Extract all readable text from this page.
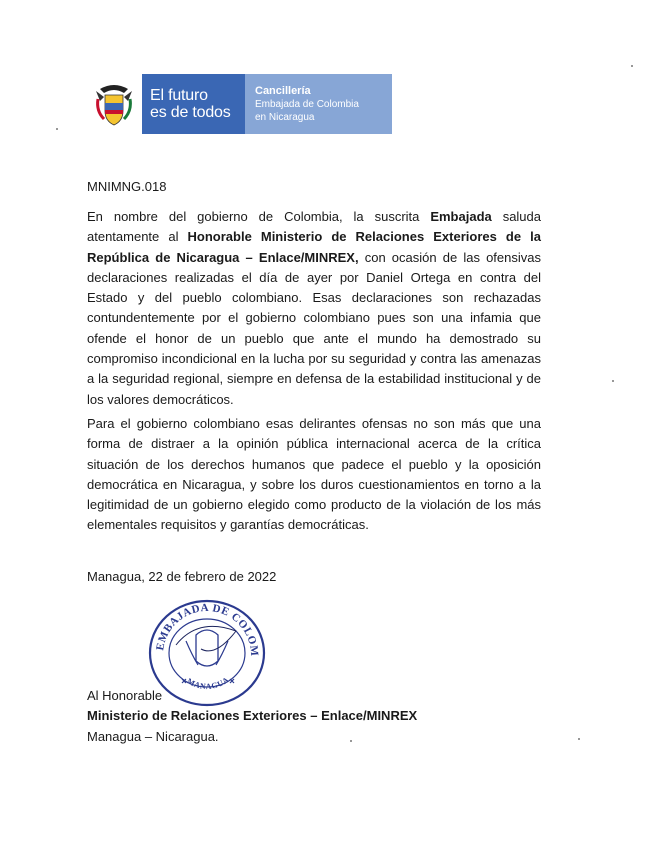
El futuro
es de todos
Cancillería
Embajada de Colombia
en Nicaragua
MNIMNG.018
En nombre del gobierno de Colombia, la suscrita Embajada saluda atentamente al Honorable Ministerio de Relaciones Exteriores de la República de Nicaragua – Enlace/MINREX, con ocasión de las ofensivas declaraciones realizadas el día de ayer por Daniel Ortega en contra del Estado y del pueblo colombiano. Esas declaraciones son rechazadas contundentemente por el gobierno colombiano pues son una infamia que ofende el honor de un pueblo que ante el mundo ha demostrado su compromiso incondicional en la lucha por su seguridad y contra las amenazas a la seguridad regional, siempre en defensa de la estabilidad institucional y de los valores democráticos.
Para el gobierno colombiano esas delirantes ofensas no son más que una forma de distraer a la opinión pública internacional acerca de la crítica situación de los derechos humanos que padece el pueblo y la oposición democrática en Nicaragua, y sobre los duros cuestionamientos en torno a la legitimidad de un gobierno elegido como producto de la violación de los más elementales requisitos y garantías democráticas.
Managua, 22 de febrero de 2022
EMBAJADA DE COLOM
MANAGUA
Al Honorable
Ministerio de Relaciones Exteriores – Enlace/MINREX
Managua – Nicaragua.
